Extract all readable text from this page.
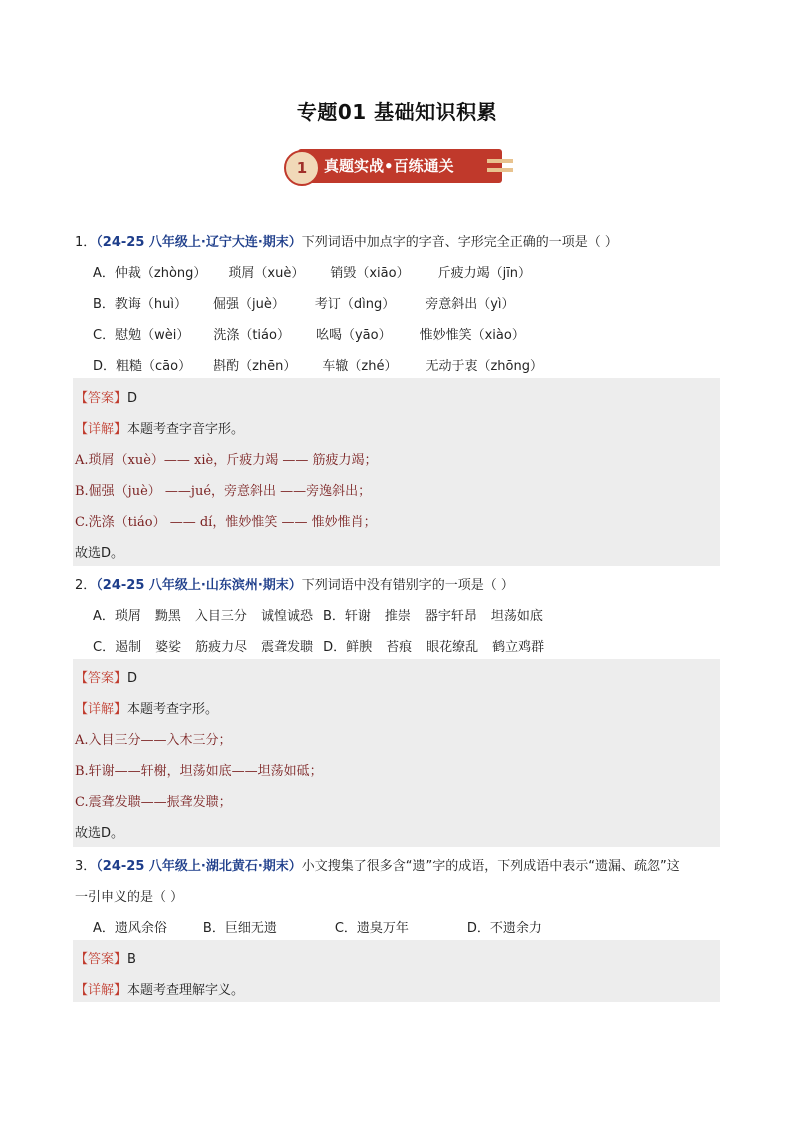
专题01 基础知识积累
1	真题实战•百练通关
1．（24-25 八年级上·辽宁大连·期末）下列词语中加点字的字音、字形完全正确的一项是（ ）
A．仲裁（zhòng） 琐屑（xuè） 销毁（xiāo） 斤疲力竭（jīn）
B．教诲（huì） 倔强（juè） 考订（dìng） 旁意斜出（yì）
C．慰勉（wèi） 洗涤（tiáo） 吆喝（yāo） 惟妙惟笑（xiào）
D．粗糙（cāo） 斟酌（zhēn） 车辙（zhé） 无动于衷（zhōng）
【答案】D
【详解】本题考查字音字形。
A.琐屑（xuè）—— xiè，斤疲力竭 —— 筋疲力竭；
B.倔强（juè） ——jué，旁意斜出 ——旁逸斜出；
C.洗涤（tiáo） —— dí，惟妙惟笑 —— 惟妙惟肖；
故选D。
2．（24-25 八年级上·山东滨州·期末）下列词语中没有错别字的一项是（ ）
A．琐屑 黝黑 入目三分 诚惶诚恐 B．轩谢 推崇 器宇轩昂 坦荡如底
C．遏制 婆娑 筋疲力尽 震聋发聩 D．鲜腴 苔痕 眼花缭乱 鹤立鸡群
【答案】D
【详解】本题考查字形。
A.入目三分——入木三分；
B.轩谢——轩榭，坦荡如底——坦荡如砥；
C.震聋发聩——振聋发聩；
故选D。
3．（24-25 八年级上·湖北黄石·期末）小文搜集了很多含“遗”字的成语，下列成语中表示“遗漏、疏忽”这
一引申义的是（ ）
A．遗风余俗	B．巨细无遗	C．遗臭万年	D．不遗余力
【答案】B
【详解】本题考查理解字义。
